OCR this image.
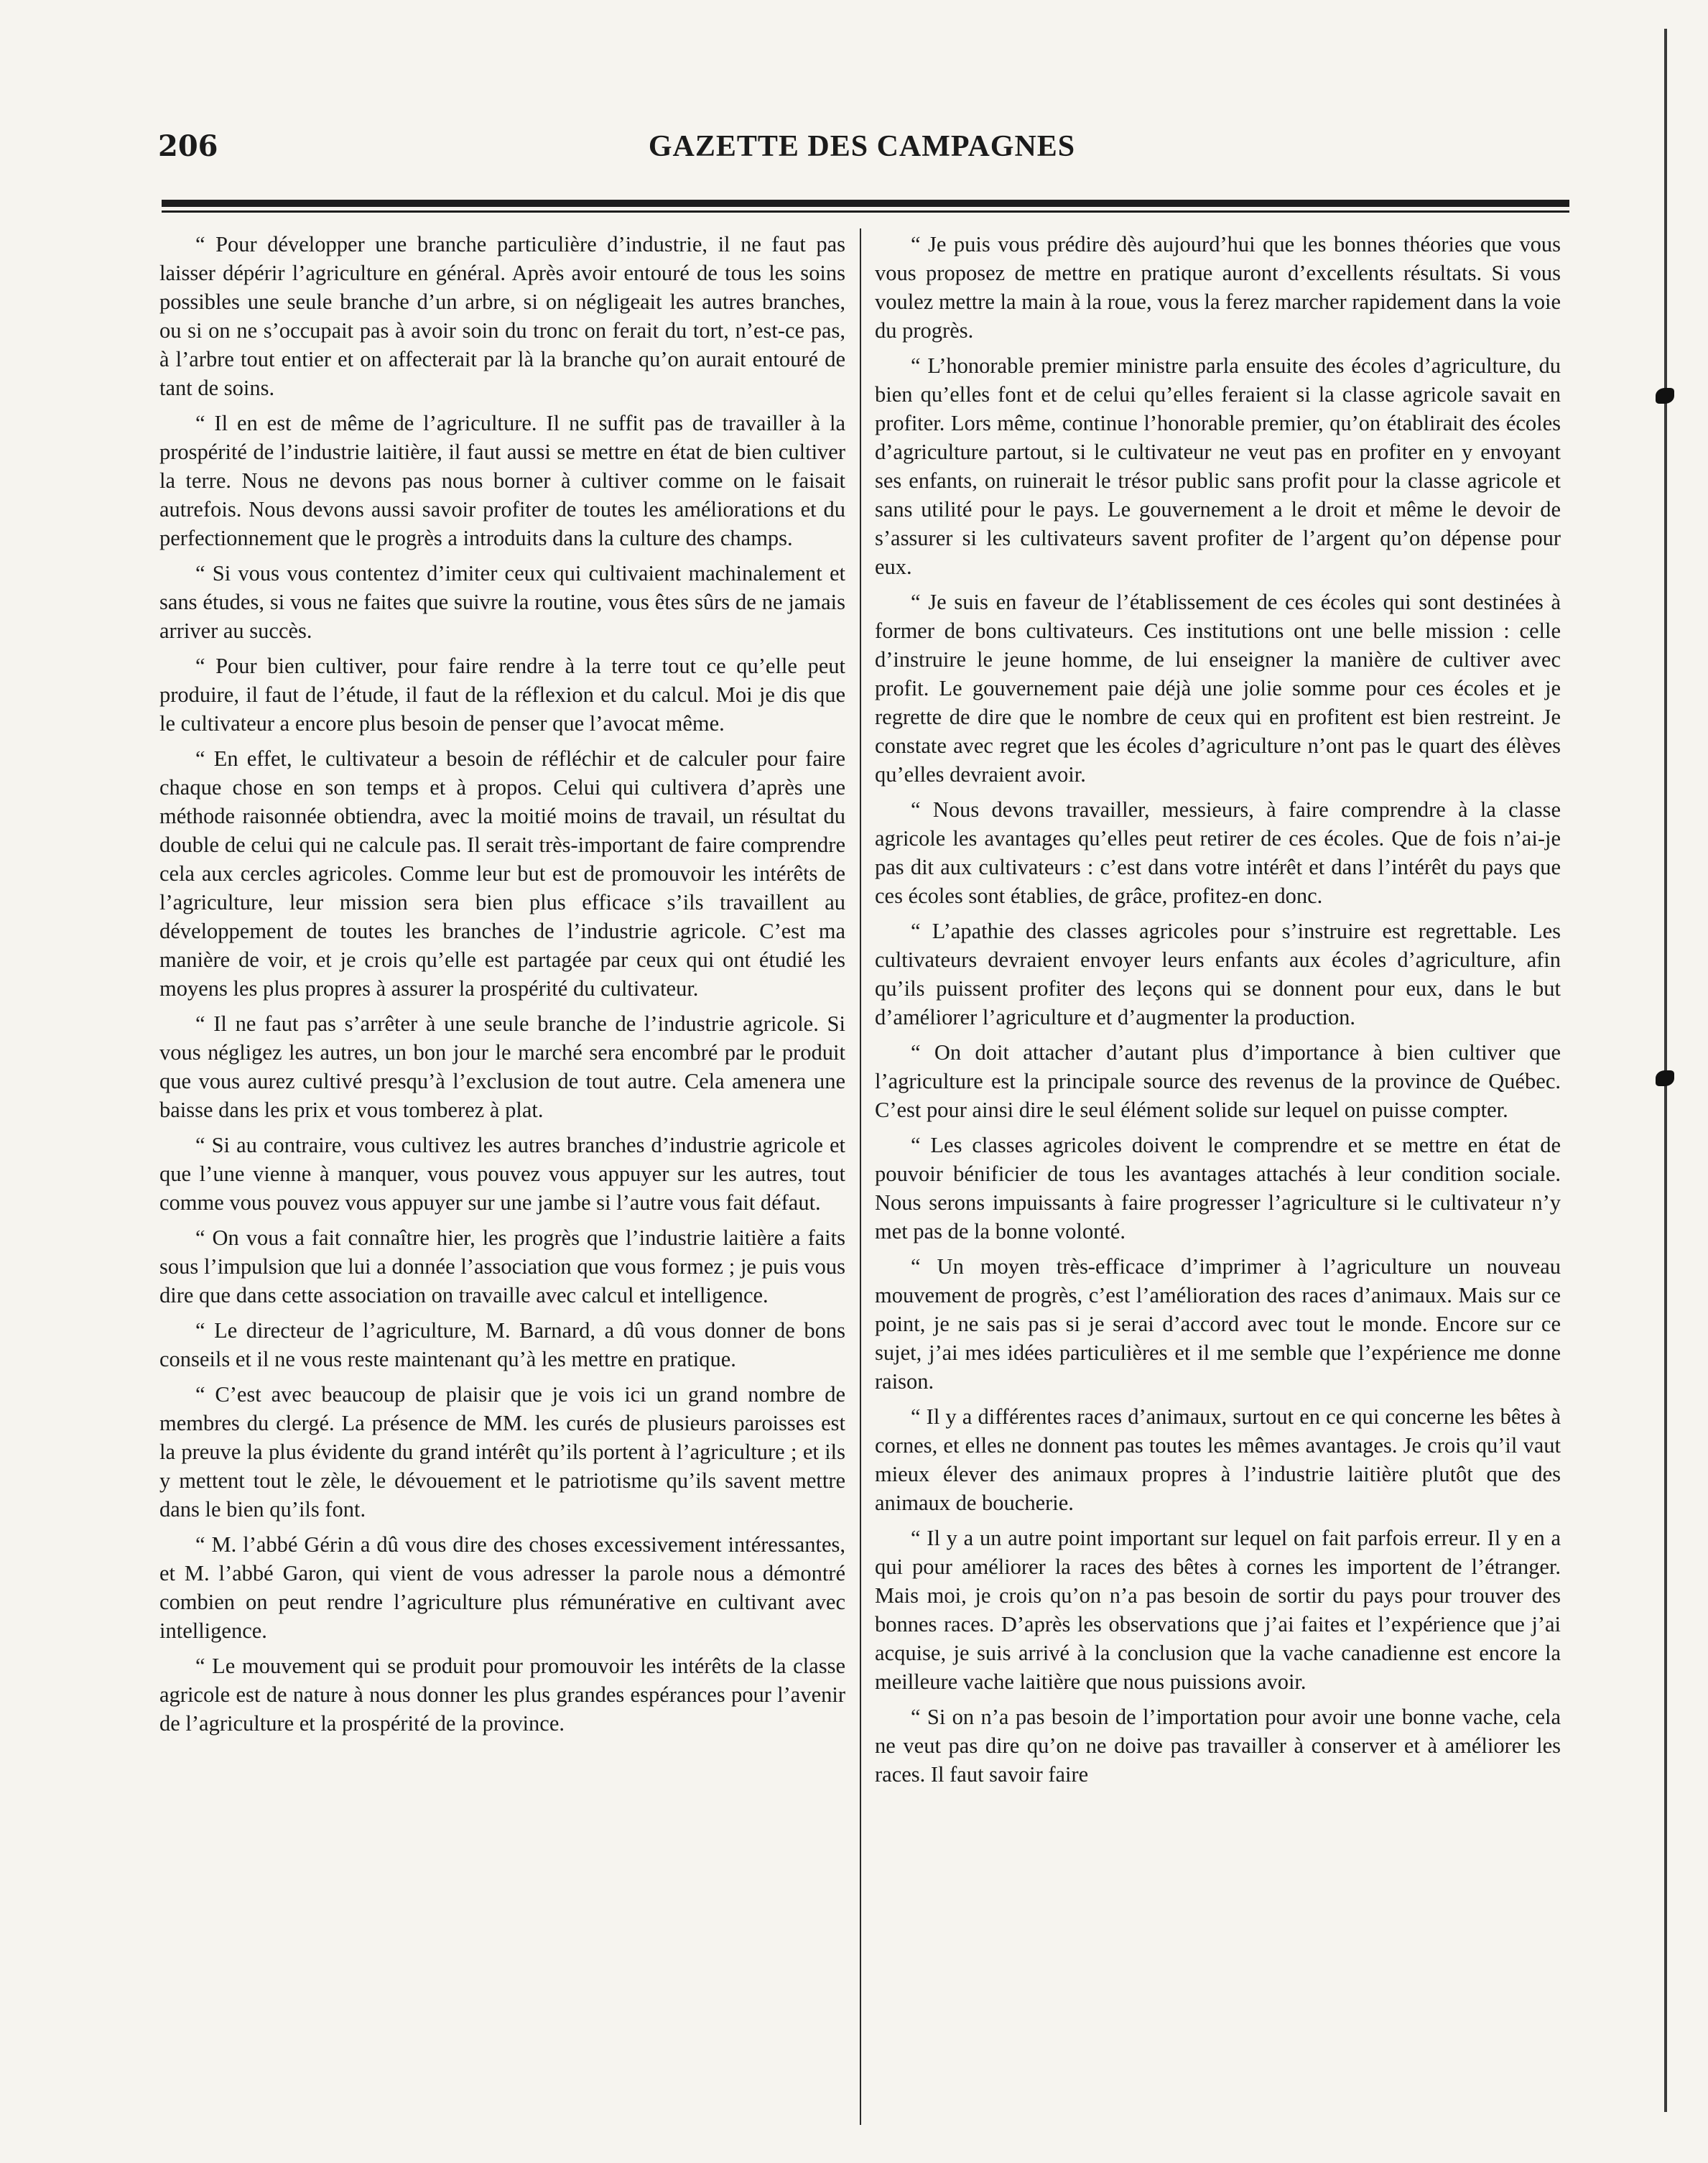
206	GAZETTE DES CAMPAGNES

“ Pour développer une branche particulière d’industrie, il ne faut pas laisser dépérir l’agriculture en général. Après avoir entouré de tous les soins possibles une seule branche d’un arbre, si on négligeait les autres branches, ou si on ne s’occupait pas à avoir soin du tronc on ferait du tort, n’est-ce pas, à l’arbre tout entier et on affecterait par là la branche qu’on aurait entouré de tant de soins.

“ Il en est de même de l’agriculture. Il ne suffit pas de travailler à la prospérité de l’industrie laitière, il faut aussi se mettre en état de bien cultiver la terre. Nous ne devons pas nous borner à cultiver comme on le faisait autrefois. Nous devons aussi savoir profiter de toutes les améliorations et du perfectionnement que le progrès a introduits dans la culture des champs.

“ Si vous vous contentez d’imiter ceux qui cultivaient machinalement et sans études, si vous ne faites que suivre la routine, vous êtes sûrs de ne jamais arriver au succès.

“ Pour bien cultiver, pour faire rendre à la terre tout ce qu’elle peut produire, il faut de l’étude, il faut de la réflexion et du calcul. Moi je dis que le cultivateur a encore plus besoin de penser que l’avocat même.

“ En effet, le cultivateur a besoin de réfléchir et de calculer pour faire chaque chose en son temps et à propos. Celui qui cultivera d’après une méthode raisonnée obtiendra, avec la moitié moins de travail, un résultat du double de celui qui ne calcule pas. Il serait très-important de faire comprendre cela aux cercles agricoles. Comme leur but est de promouvoir les intérêts de l’agriculture, leur mission sera bien plus efficace s’ils travaillent au développement de toutes les branches de l’industrie agricole. C’est ma manière de voir, et je crois qu’elle est partagée par ceux qui ont étudié les moyens les plus propres à assurer la prospérité du cultivateur.

“ Il ne faut pas s’arrêter à une seule branche de l’industrie agricole. Si vous négligez les autres, un bon jour le marché sera encombré par le produit que vous aurez cultivé presqu’à l’exclusion de tout autre. Cela amenera une baisse dans les prix et vous tomberez à plat.

“ Si au contraire, vous cultivez les autres branches d’industrie agricole et que l’une vienne à manquer, vous pouvez vous appuyer sur les autres, tout comme vous pouvez vous appuyer sur une jambe si l’autre vous fait défaut.

“ On vous a fait connaître hier, les progrès que l’industrie laitière a faits sous l’impulsion que lui a donnée l’association que vous formez ; je puis vous dire que dans cette association on travaille avec calcul et intelligence.

“ Le directeur de l’agriculture, M. Barnard, a dû vous donner de bons conseils et il ne vous reste maintenant qu’à les mettre en pratique.

“ C’est avec beaucoup de plaisir que je vois ici un grand nombre de membres du clergé. La présence de MM. les curés de plusieurs paroisses est la preuve la plus évidente du grand intérêt qu’ils portent à l’agriculture ; et ils y mettent tout le zèle, le dévouement et le patriotisme qu’ils savent mettre dans le bien qu’ils font.

“ M. l’abbé Gérin a dû vous dire des choses excessivement intéressantes, et M. l’abbé Garon, qui vient de vous adresser la parole nous a démontré combien on peut rendre l’agriculture plus rémunérative en cultivant avec intelligence.

“ Le mouvement qui se produit pour promouvoir les intérêts de la classe agricole est de nature à nous donner les plus grandes espérances pour l’avenir de l’agriculture et la prospérité de la province.

“ Je puis vous prédire dès aujourd’hui que les bonnes théories que vous vous proposez de mettre en pratique auront d’excellents résultats. Si vous voulez mettre la main à la roue, vous la ferez marcher rapidement dans la voie du progrès.

“ L’honorable premier ministre parla ensuite des écoles d’agriculture, du bien qu’elles font et de celui qu’elles feraient si la classe agricole savait en profiter. Lors même, continue l’honorable premier, qu’on établirait des écoles d’agriculture partout, si le cultivateur ne veut pas en profiter en y envoyant ses enfants, on ruinerait le trésor public sans profit pour la classe agricole et sans utilité pour le pays. Le gouvernement a le droit et même le devoir de s’assurer si les cultivateurs savent profiter de l’argent qu’on dépense pour eux.

“ Je suis en faveur de l’établissement de ces écoles qui sont destinées à former de bons cultivateurs. Ces institutions ont une belle mission : celle d’instruire le jeune homme, de lui enseigner la manière de cultiver avec profit. Le gouvernement paie déjà une jolie somme pour ces écoles et je regrette de dire que le nombre de ceux qui en profitent est bien restreint. Je constate avec regret que les écoles d’agriculture n’ont pas le quart des élèves qu’elles devraient avoir.

“ Nous devons travailler, messieurs, à faire comprendre à la classe agricole les avantages qu’elles peut retirer de ces écoles. Que de fois n’ai-je pas dit aux cultivateurs : c’est dans votre intérêt et dans l’intérêt du pays que ces écoles sont établies, de grâce, profitez-en donc.

“ L’apathie des classes agricoles pour s’instruire est regrettable. Les cultivateurs devraient envoyer leurs enfants aux écoles d’agriculture, afin qu’ils puissent profiter des leçons qui se donnent pour eux, dans le but d’améliorer l’agriculture et d’augmenter la production.

“ On doit attacher d’autant plus d’importance à bien cultiver que l’agriculture est la principale source des revenus de la province de Québec. C’est pour ainsi dire le seul élément solide sur lequel on puisse compter.

“ Les classes agricoles doivent le comprendre et se mettre en état de pouvoir bénificier de tous les avantages attachés à leur condition sociale. Nous serons impuissants à faire progresser l’agriculture si le cultivateur n’y met pas de la bonne volonté.

“ Un moyen très-efficace d’imprimer à l’agriculture un nouveau mouvement de progrès, c’est l’amélioration des races d’animaux. Mais sur ce point, je ne sais pas si je serai d’accord avec tout le monde. Encore sur ce sujet, j’ai mes idées particulières et il me semble que l’expérience me donne raison.

“ Il y a différentes races d’animaux, surtout en ce qui concerne les bêtes à cornes, et elles ne donnent pas toutes les mêmes avantages. Je crois qu’il vaut mieux élever des animaux propres à l’industrie laitière plutôt que des animaux de boucherie.

“ Il y a un autre point important sur lequel on fait parfois erreur. Il y en a qui pour améliorer la races des bêtes à cornes les importent de l’étranger. Mais moi, je crois qu’on n’a pas besoin de sortir du pays pour trouver des bonnes races. D’après les observations que j’ai faites et l’expérience que j’ai acquise, je suis arrivé à la conclusion que la vache canadienne est encore la meilleure vache laitière que nous puissions avoir.

“ Si on n’a pas besoin de l’importation pour avoir une bonne vache, cela ne veut pas dire qu’on ne doive pas travailler à conserver et à améliorer les races. Il faut savoir faire
